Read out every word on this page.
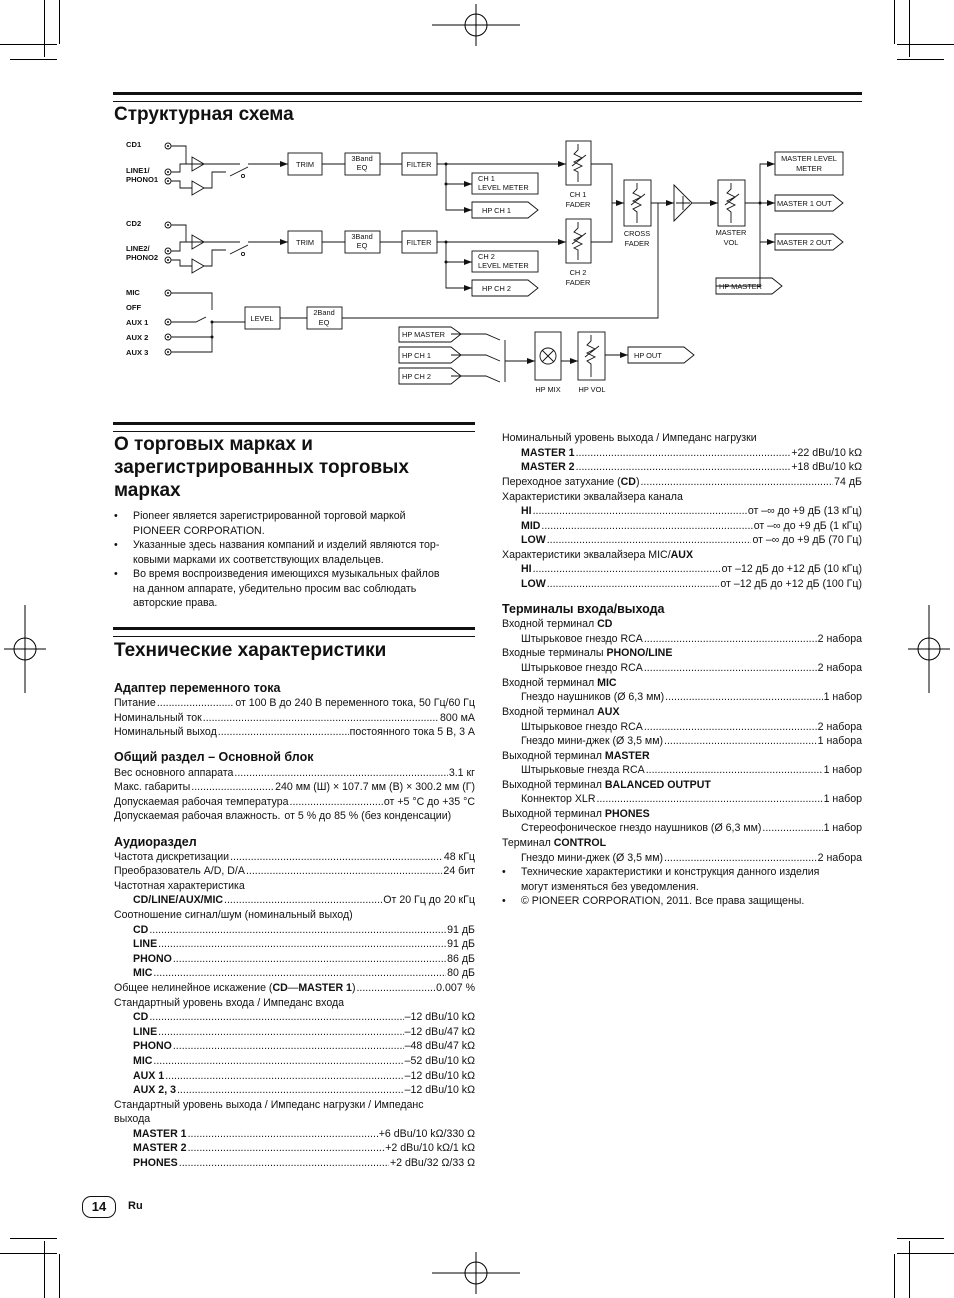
Структурная схема
CD1
LINE1/
PHONO1
CD2
LINE2/
PHONO2
MIC
OFF
AUX 1
AUX 2
AUX 3
TRIM
3Band
EQ	FILTER
TRIM
3Band
EQ	FILTER
LEVEL
2Band
EQ
CH 1
FADER
CH 2
FADER
CROSS
FADER
MASTER
VOL
MASTER LEVEL
METER
HP MIX HP VOL
CH 1
LEVEL METER
CH 2
LEVEL METER
HP CH 1
HP CH 2
MASTER 1 OUT
MASTER 2 OUT
HP MASTER
HP MASTER
HP CH 1
HP CH 2
HP OUT
О торговых марках и
зарегистрированных торговых
марках
• Pioneer является зарегистрированной торговой маркой
PIONEER CORPORATION.
• Указанные здесь названия компаний и изделий являются тор-
ковыми марками их соответствующих владельцев.
• Во время воспроизведения имеющихся музыкальных файлов
на данном аппарате, убедительно просим вас соблюдать
авторские права.
Технические характеристики
Адаптер переменного тока
Питание .....	от 100 В до 240 В переменного тока, 50 Гц/60 Гц
Номинальный ток .....	800 мА
Номинальный выход .....	постоянного тока 5 В, 3 А
Общий раздел – Основной блок
Вес основного аппарата .....	3.1 кг
Макс. габариты .....	240 мм (Ш) × 107.7 мм (В) × 300.2 мм (Г)
Допускаемая рабочая температура .....	от +5 °C до +35 °C
Допускаемая рабочая влажность. от 5 % до 85 % (без конденсации)
Аудиораздел
Частота дискретизации .....	48 кГц
Преобразователь A/D, D/A .....	24 бит
Частотная характеристика
CD/LINE/AUX/MIC .....	От 20 Гц до 20 кГц
Соотношение сигнал/шум (номинальный выход)
CD .....	91 дБ
LINE .....	91 дБ
PHONO .....	86 дБ
MIC .....	80 дБ
Общее нелинейное искажение ( CD — MASTER 1 ) .....	0.007 %
Стандартный уровень входа / Импеданс входа
CD .....	–12 dBu/10 kΩ
LINE .....	–12 dBu/47 kΩ
PHONO .....	–48 dBu/47 kΩ
MIC .....	–52 dBu/10 kΩ
AUX 1 .....	–12 dBu/10 kΩ
AUX 2, 3 .....	–12 dBu/10 kΩ
Стандартный уровень выхода / Импеданс нагрузки / Импеданс
выхода
MASTER 1 .....	+6 dBu/10 kΩ/330 Ω
MASTER 2 .....	+2 dBu/10 kΩ/1 kΩ
PHONES .....	+2 dBu/32 Ω/33 Ω
Номинальный уровень выхода / Импеданс нагрузки
MASTER 1 .....	+22 dBu/10 kΩ
MASTER 2 .....	+18 dBu/10 kΩ
Переходное затухание ( CD ) .....	74 дБ
Характеристики эквалайзера канала
HI .....	от –∞ до +9 дБ (13 кГц)
MID .....	от –∞ до +9 дБ (1 кГц)
LOW .....	от –∞ до +9 дБ (70 Гц)
Характеристики эквалайзера MIC/AUX
HI .....	от –12 дБ до +12 дБ (10 кГц)
LOW .....	от –12 дБ до +12 дБ (100 Гц)
Терминалы входа/выхода
Входной терминал CD
Штырьковое гнездо RCA .....	2 набора
Входные терминалы PHONO/LINE
Штырьковое гнездо RCA .....	2 набора
Входной терминал MIC
Гнездо наушников (Ø 6,3 мм) .....	1 набор
Входной терминал AUX
Штырьковое гнездо RCA .....	2 набора
Гнездо мини-джек (Ø 3,5 мм) .....	1 набора
Выходной терминал MASTER
Штырьковые гнезда RCA .....	1 набор
Выходной терминал BALANCED OUTPUT
Коннектор XLR .....	1 набор
Выходной терминал PHONES
Стереофоническое гнездо наушников (Ø 6,3 мм) .....	1 набор
Терминал CONTROL
Гнездо мини-джек (Ø 3,5 мм) .....	2 набора
• Технические характеристики и конструкция данного изделия
могут изменяться без уведомления.
• © PIONEER CORPORATION, 2011. Все права защищены.
14	Ru
